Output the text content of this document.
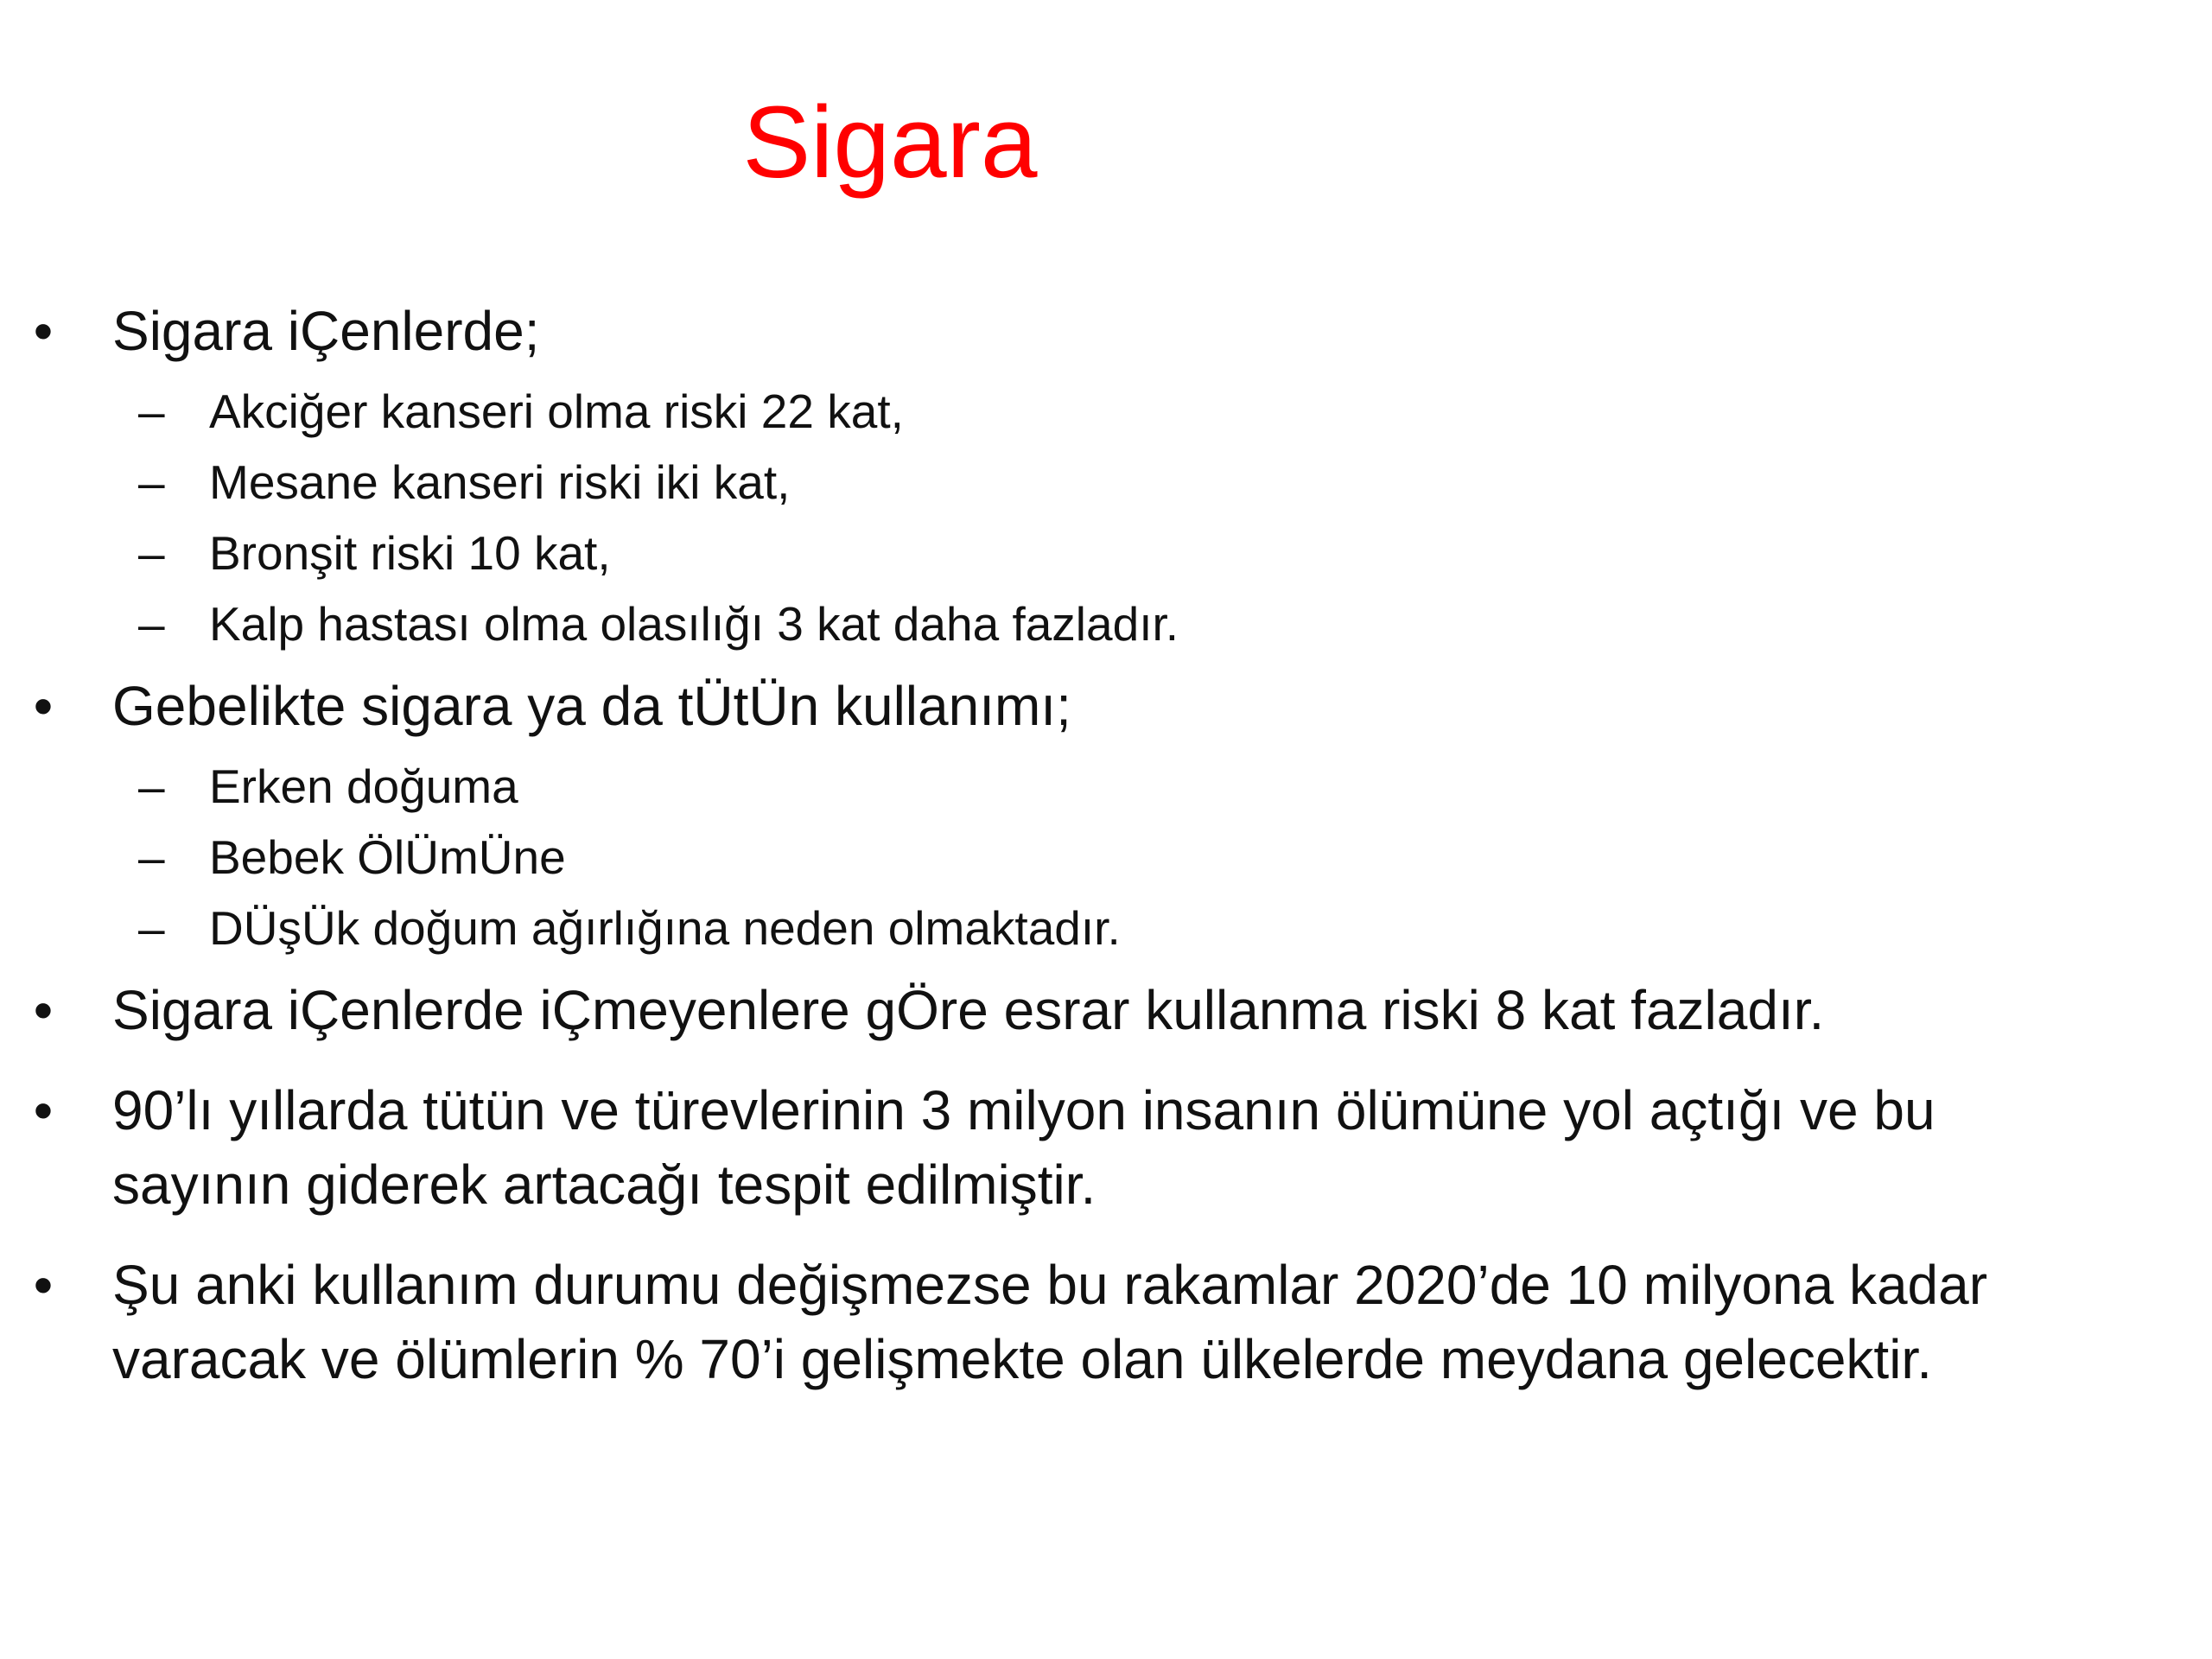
Sigara
• Sigara iÇenlerde;
– Akciğer kanseri olma riski 22 kat,
– Mesane kanseri riski iki kat,
– Bronşit riski 10 kat,
– Kalp hastası olma olasılığı 3 kat daha fazladır.
• Gebelikte sigara ya da tÜtÜn kullanımı;
– Erken doğuma
– Bebek ÖlÜmÜne
– DÜşÜk doğum ağırlığına neden olmaktadır.
• Sigara iÇenlerde iÇmeyenlere gÖre esrar kullanma riski 8 kat fazladır.
• 90’lı yıllarda tütün ve türevlerinin 3 milyon insanın ölümüne yol açtığı ve bu sayının giderek artacağı tespit edilmiştir.
• Şu anki kullanım durumu değişmezse bu rakamlar 2020’de 10 milyona kadar varacak ve ölümlerin % 70’i gelişmekte olan ülkelerde meydana gelecektir.
